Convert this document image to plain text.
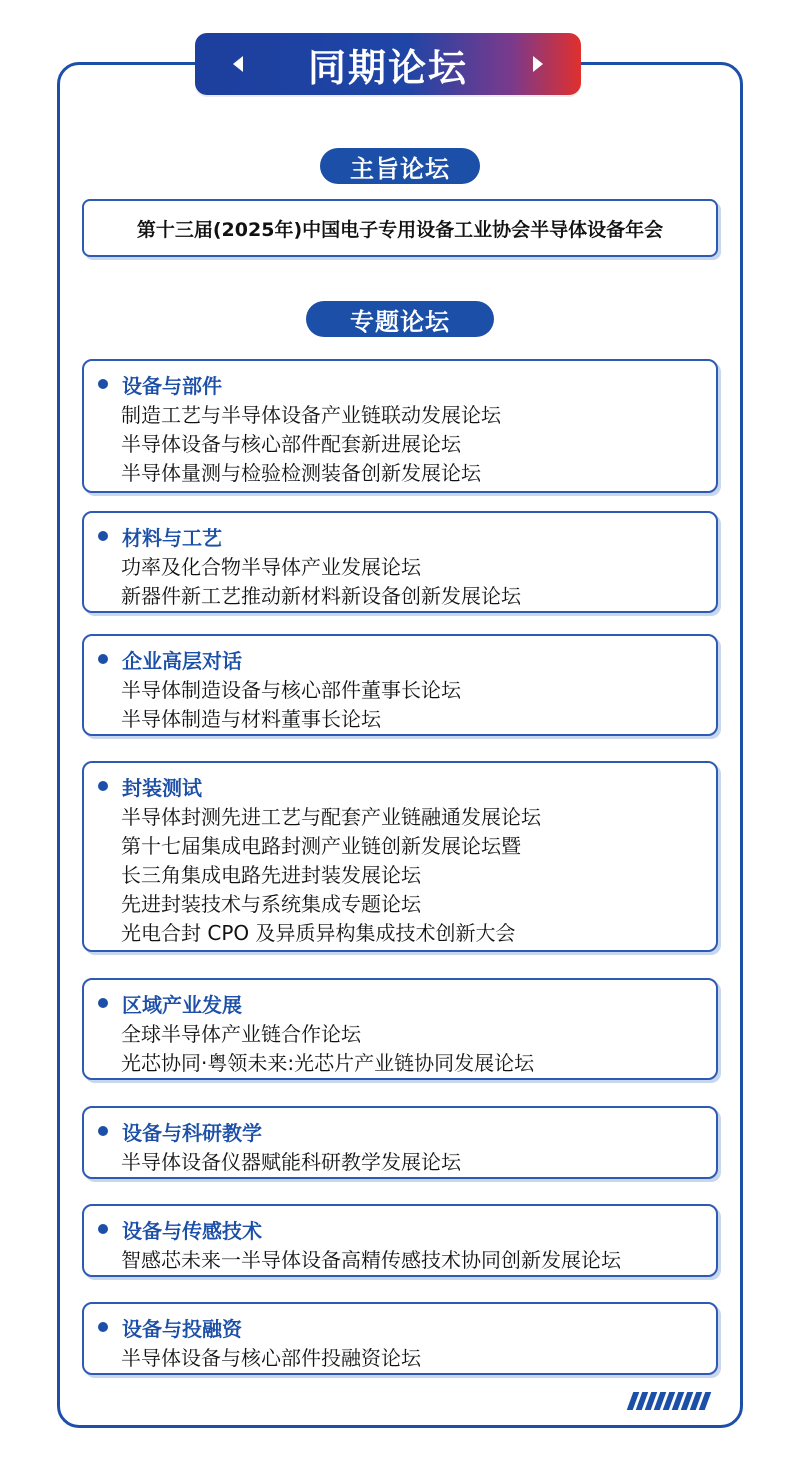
同期论坛
主旨论坛
第十三届(2025年)中国电子专用设备工业协会半导体设备年会
专题论坛
设备与部件
制造工艺与半导体设备产业链联动发展论坛
半导体设备与核心部件配套新进展论坛
半导体量测与检验检测装备创新发展论坛
材料与工艺
功率及化合物半导体产业发展论坛
新器件新工艺推动新材料新设备创新发展论坛
企业高层对话
半导体制造设备与核心部件董事长论坛
半导体制造与材料董事长论坛
封装测试
半导体封测先进工艺与配套产业链融通发展论坛
第十七届集成电路封测产业链创新发展论坛暨
长三角集成电路先进封装发展论坛
先进封装技术与系统集成专题论坛
光电合封 CPO 及异质异构集成技术创新大会
区域产业发展
全球半导体产业链合作论坛
光芯协同·粤领未来:光芯片产业链协同发展论坛
设备与科研教学
半导体设备仪器赋能科研教学发展论坛
设备与传感技术
智感芯未来一半导体设备高精传感技术协同创新发展论坛
设备与投融资
半导体设备与核心部件投融资论坛
